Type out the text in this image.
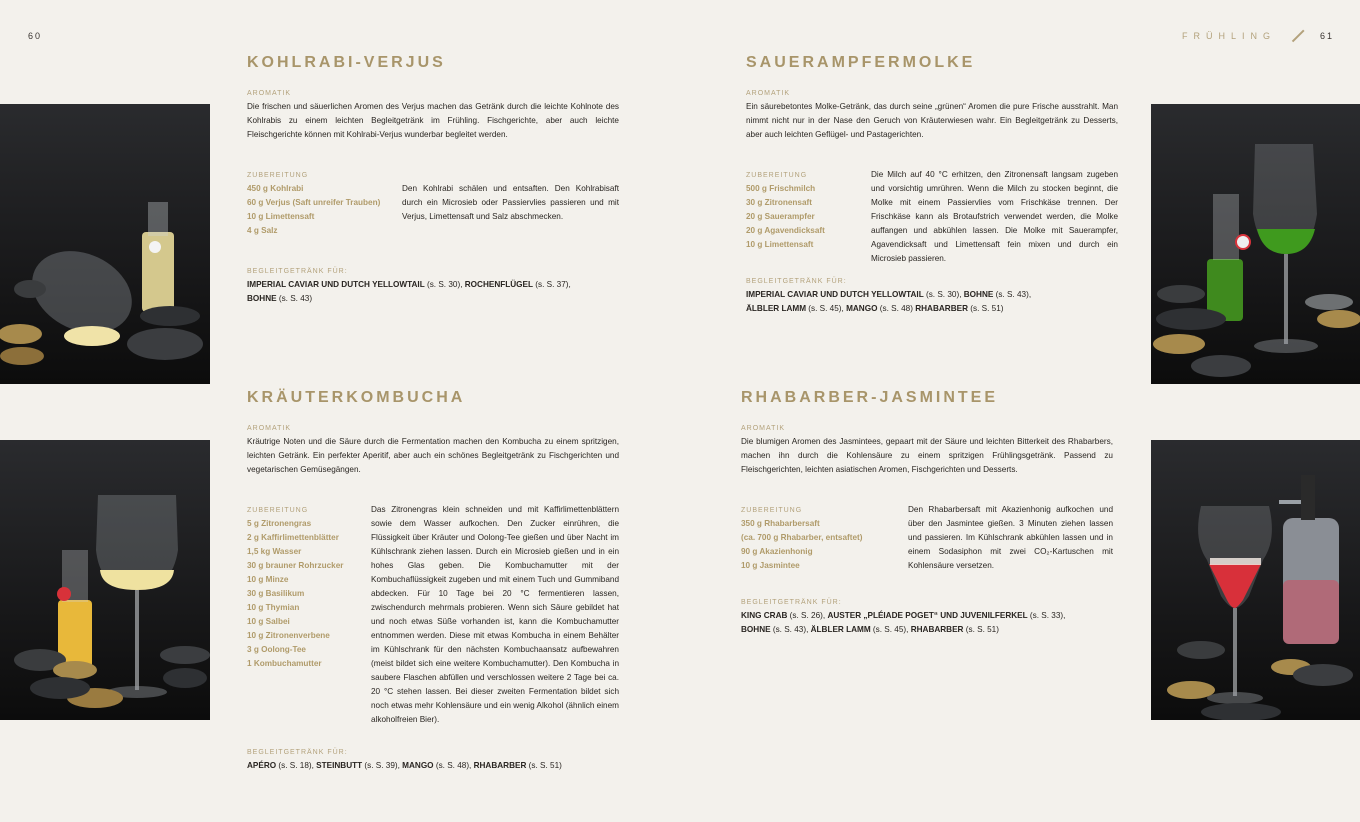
60	FRÜHLING	61
KOHLRABI-VERJUS
AROMATIK
Die frischen und säuerlichen Aromen des Verjus machen das Getränk durch die leichte Kohlnote des Kohlrabis zu einem leichten Begleitgetränk im Frühling. Fischgerichte, aber auch leichte Fleischgerichte können mit Kohlrabi-Verjus wunderbar begleitet werden.
ZUBEREITUNG
450 g Kohlrabi
60 g Verjus (Saft unreifer Trauben)
10 g Limettensaft
4 g Salz
Den Kohlrabi schälen und entsaften. Den Kohlrabisaft durch ein Microsieb oder Passiervlies passieren und mit Verjus, Limettensaft und Salz abschmecken.
BEGLEITGETRÄNK FÜR:
IMPERIAL CAVIAR UND DUTCH YELLOWTAIL (s. S. 30), ROCHENFLÜGEL (s. S. 37),
BOHNE (s. S. 43)
SAUERAMPFERMOLKE
AROMATIK
Ein säurebetontes Molke-Getränk, das durch seine „grünen“ Aromen die pure Frische ausstrahlt. Man nimmt nicht nur in der Nase den Geruch von Kräuterwiesen wahr. Ein Begleitgetränk zu Desserts, aber auch leichten Geflügel- und Pastagerichten.
ZUBEREITUNG
500 g Frischmilch
30 g Zitronensaft
20 g Sauerampfer
20 g Agavendicksaft
10 g Limettensaft
Die Milch auf 40 °C erhitzen, den Zitronensaft langsam zugeben und vorsichtig umrühren. Wenn die Milch zu stocken beginnt, die Molke mit einem Passiervlies vom Frischkäse trennen. Der Frischkäse kann als Brotaufstrich verwendet werden, die Molke auffangen und abkühlen lassen. Die Molke mit Sauerampfer, Agavendicksaft und Limettensaft fein mixen und durch ein Microsieb passieren.
BEGLEITGETRÄNK FÜR:
IMPERIAL CAVIAR UND DUTCH YELLOWTAIL (s. S. 30), BOHNE (s. S. 43),
ÄLBLER LAMM (s. S. 45), MANGO (s. S. 48) RHABARBER (s. S. 51)
KRÄUTERKOMBUCHA
AROMATIK
Kräutrige Noten und die Säure durch die Fermentation machen den Kombucha zu einem spritzigen, leichten Getränk. Ein perfekter Aperitif, aber auch ein schönes Begleitgetränk zu Fischgerichten und vegetarischen Gemüsegängen.
ZUBEREITUNG
5 g Zitronengras
2 g Kaffirlimettenblätter
1,5 kg Wasser
30 g brauner Rohrzucker
10 g Minze
30 g Basilikum
10 g Thymian
10 g Salbei
10 g Zitronenverbene
3 g Oolong-Tee
1 Kombuchamutter
Das Zitronengras klein schneiden und mit Kaffirlimettenblättern sowie dem Wasser aufkochen. Den Zucker einrühren, die Flüssigkeit über Kräuter und Oolong-Tee gießen und über Nacht im Kühlschrank ziehen lassen. Durch ein Microsieb gießen und in ein hohes Glas geben. Die Kombuchamutter mit der Kombuchaflüssigkeit zugeben und mit einem Tuch und Gummiband abdecken. Für 10 Tage bei 20 °C fermentieren lassen, zwischendurch mehrmals probieren. Wenn sich Säure gebildet hat und noch etwas Süße vorhanden ist, kann die Kombuchamutter entnommen werden. Diese mit etwas Kombucha in einem Behälter im Kühlschrank für den nächsten Kombuchaansatz aufbewahren (meist bildet sich eine weitere Kombuchamutter). Den Kombucha in saubere Flaschen abfüllen und verschlossen weitere 2 Tage bei ca. 20 °C stehen lassen. Bei dieser zweiten Fermentation bildet sich noch etwas mehr Kohlensäure und ein wenig Alkohol (ähnlich einem alkoholfreien Bier).
BEGLEITGETRÄNK FÜR:
APÉRO (s. S. 18), STEINBUTT (s. S. 39), MANGO (s. S. 48), RHABARBER (s. S. 51)
RHABARBER-JASMINTEE
AROMATIK
Die blumigen Aromen des Jasmintees, gepaart mit der Säure und leichten Bitterkeit des Rhabarbers, machen ihn durch die Kohlensäure zu einem spritzigen Frühlingsgetränk. Passend zu Fleischgerichten, leichten asiatischen Aromen, Fischgerichten und Desserts.
ZUBEREITUNG
350 g Rhabarbersaft
(ca. 700 g Rhabarber, entsaftet)
90 g Akazienhonig
10 g Jasmintee
Den Rhabarbersaft mit Akazienhonig aufkochen und über den Jasmintee gießen. 3 Minuten ziehen lassen und passieren. Im Kühlschrank abkühlen lassen und in einem Sodasiphon mit zwei CO₂-Kartuschen mit Kohlensäure versetzen.
BEGLEITGETRÄNK FÜR:
KING CRAB (s. S. 26), AUSTER „PLÉIADE POGET“ UND JUVENILFERKEL (s. S. 33),
BOHNE (s. S. 43), ÄLBLER LAMM (s. S. 45), RHABARBER (s. S. 51)
